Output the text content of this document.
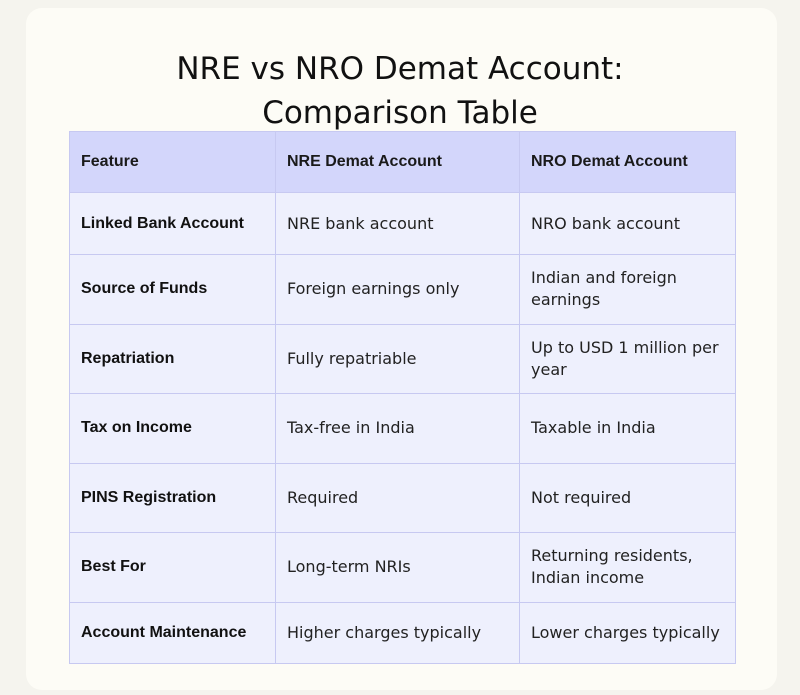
NRE vs NRO Demat Account:
Comparison Table
Feature	NRE Demat Account	NRO Demat Account
Linked Bank Account	NRE bank account	NRO bank account
Source of Funds	Foreign earnings only	Indian and foreign earnings
Repatriation	Fully repatriable	Up to USD 1 million per year
Tax on Income	Tax-free in India	Taxable in India
PINS Registration	Required	Not required
Best For	Long-term NRIs	Returning residents, Indian income
Account Maintenance	Higher charges typically	Lower charges typically
